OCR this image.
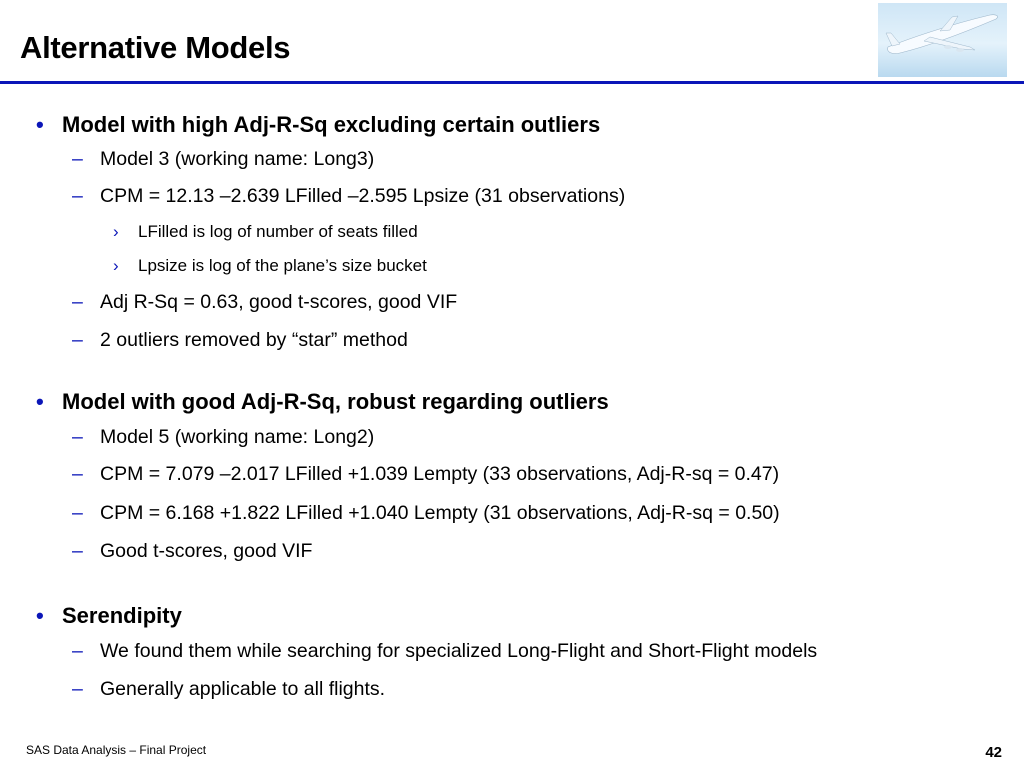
Alternative Models
• Model with high Adj-R-Sq excluding certain outliers
– Model 3 (working name: Long3)
– CPM = 12.13 –2.639 LFilled –2.595 Lpsize (31 observations)
› LFilled is log of number of seats filled
› Lpsize is log of the plane’s size bucket
– Adj R-Sq = 0.63, good t-scores, good VIF
– 2 outliers removed by “star” method
• Model with good Adj-R-Sq, robust regarding outliers
– Model 5 (working name: Long2)
– CPM = 7.079 –2.017 LFilled +1.039 Lempty (33 observations, Adj-R-sq = 0.47)
– CPM = 6.168 +1.822 LFilled +1.040 Lempty (31 observations, Adj-R-sq = 0.50)
– Good t-scores, good VIF
• Serendipity
– We found them while searching for specialized Long-Flight and Short-Flight models
– Generally applicable to all flights.
SAS Data Analysis – Final Project	42
